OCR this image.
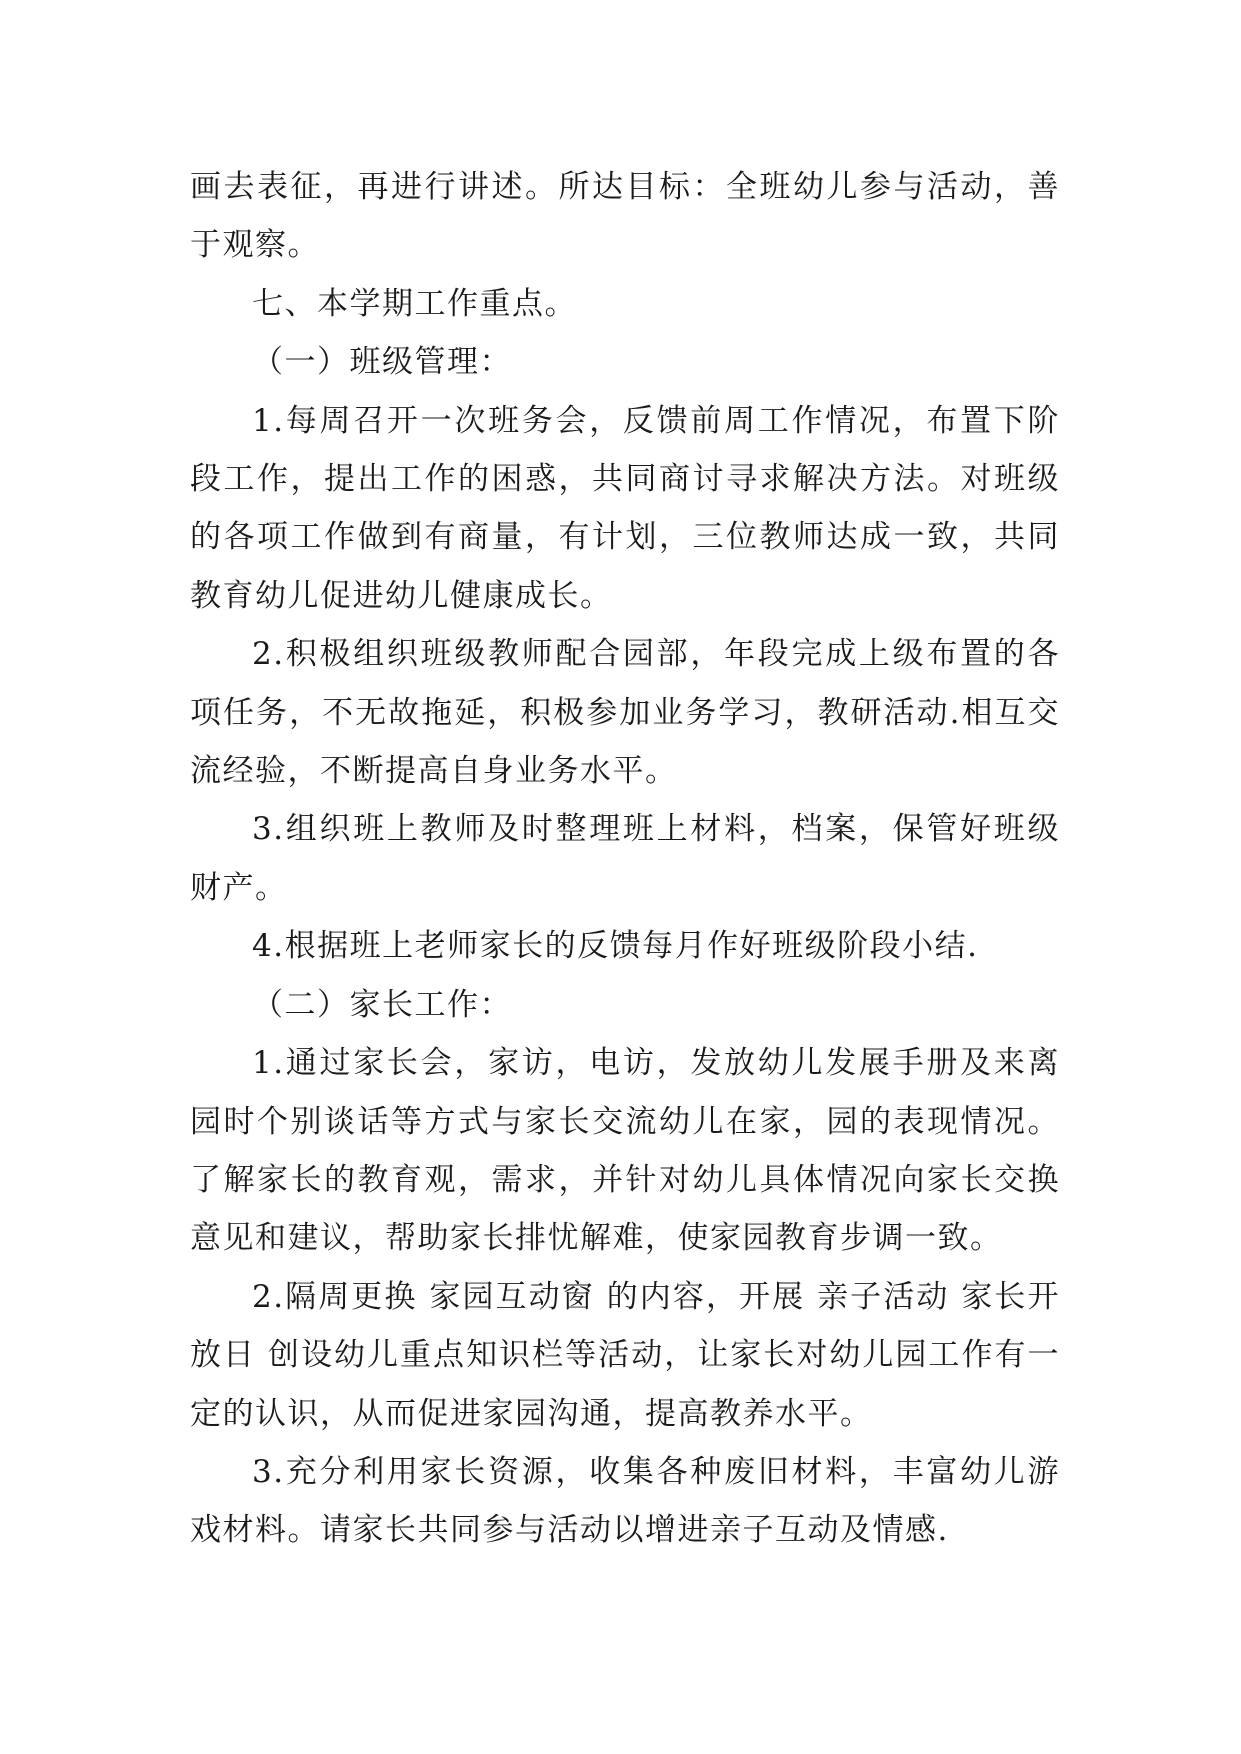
画去表征，再进行讲述。所达目标：全班幼儿参与活动，善于观察。

七、本学期工作重点。

（一）班级管理：

1.每周召开一次班务会，反馈前周工作情况，布置下阶段工作，提出工作的困惑，共同商讨寻求解决方法。对班级的各项工作做到有商量，有计划，三位教师达成一致，共同教育幼儿促进幼儿健康成长。

2.积极组织班级教师配合园部，年段完成上级布置的各项任务，不无故拖延，积极参加业务学习，教研活动.相互交流经验，不断提高自身业务水平。

3.组织班上教师及时整理班上材料，档案，保管好班级财产。

4.根据班上老师家长的反馈每月作好班级阶段小结.

（二）家长工作：

1.通过家长会，家访，电访，发放幼儿发展手册及来离园时个别谈话等方式与家长交流幼儿在家，园的表现情况。了解家长的教育观，需求，并针对幼儿具体情况向家长交换意见和建议，帮助家长排忧解难，使家园教育步调一致。

2.隔周更换 家园互动窗 的内容，开展 亲子活动 家长开放日 创设幼儿重点知识栏等活动，让家长对幼儿园工作有一定的认识，从而促进家园沟通，提高教养水平。

3.充分利用家长资源，收集各种废旧材料，丰富幼儿游戏材料。请家长共同参与活动以增进亲子互动及情感.
